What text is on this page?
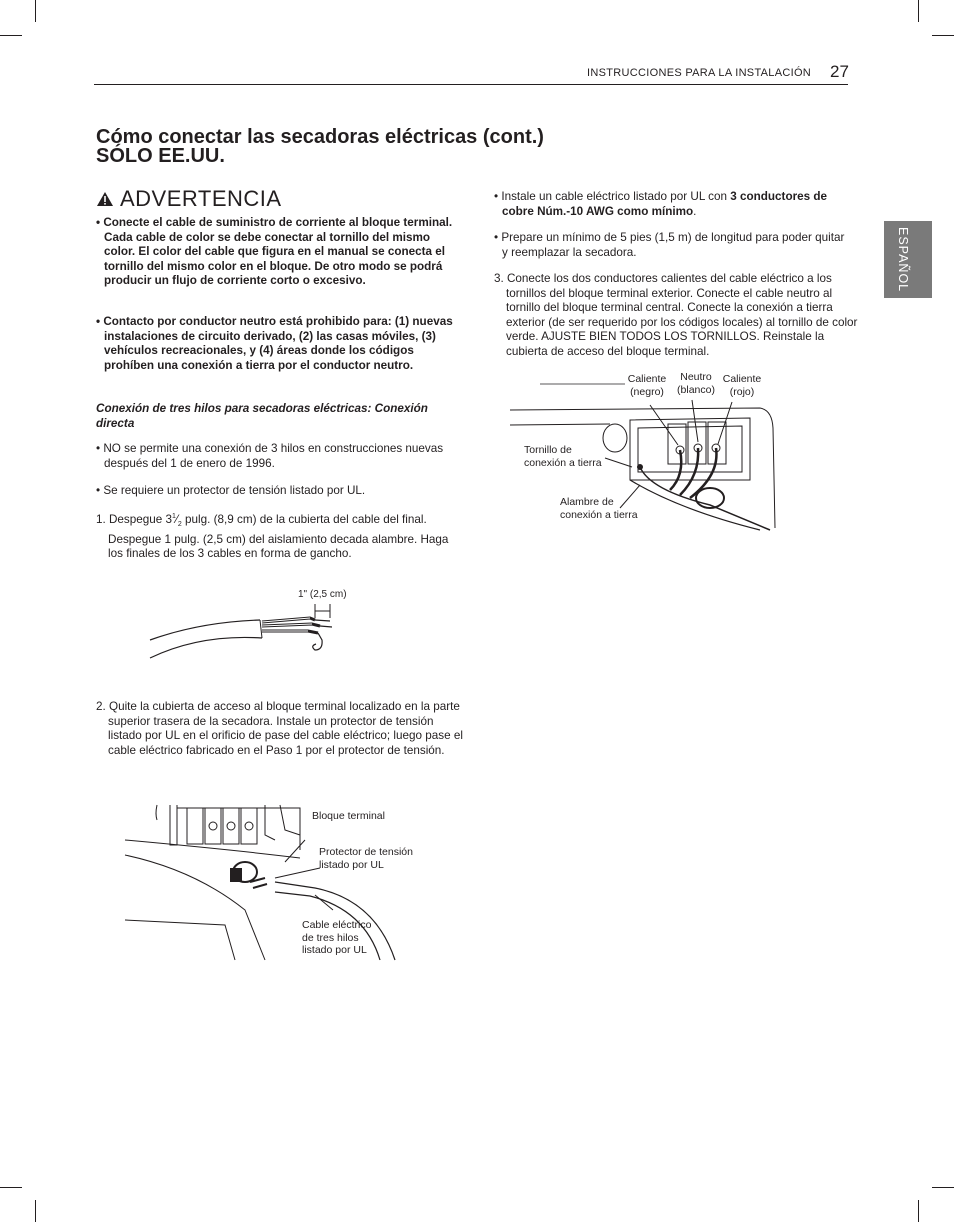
INSTRUCCIONES PARA LA INSTALACIÓN 27
ESPAÑOL
Cómo conectar las secadoras eléctricas (cont.)
SÓLO EE.UU.
ADVERTENCIA
• Conecte el cable de suministro de corriente al bloque terminal. Cada cable de color se debe conectar al tornillo del mismo color. El color del cable que figura en el manual se conecta el tornillo del mismo color en el bloque. De otro modo se podrá producir un flujo de corriente corto o excesivo.
• Contacto por conductor neutro está prohibido para: (1) nuevas instalaciones de circuito derivado, (2) las casas móviles, (3) vehículos recreacionales, y (4) áreas donde los códigos prohíben una conexión a tierra por el conductor neutro.
Conexión de tres hilos para secadoras eléctricas: Conexión directa
• NO se permite una conexión de 3 hilos en construcciones nuevas después del 1 de enero de 1996.
• Se requiere un protector de tensión listado por UL.
1. Despegue $3^1⁄_2$ pulg. (8,9 cm) de la cubierta del cable del final. Despegue 1 pulg. (2,5 cm) del aislamiento decada alambre. Haga los finales de los 3 cables en forma de gancho.
1" (2,5 cm)
2. Quite la cubierta de acceso al bloque terminal localizado en la parte superior trasera de la secadora. Instale un protector de tensión listado por UL en el orificio de pase del cable eléctrico; luego pase el cable eléctrico fabricado en el Paso 1 por el protector de tensión.
Bloque terminal
Protector de tensión listado por UL
Cable eléctrico de tres hilos listado por UL
• Instale un cable eléctrico listado por UL con 3 conductores de cobre Núm.-10 AWG como mínimo.
• Prepare un mínimo de 5 pies (1,5 m) de longitud para poder quitar y reemplazar la secadora.
3. Conecte los dos conductores calientes del cable eléctrico a los tornillos del bloque terminal exterior. Conecte el cable neutro al tornillo del bloque terminal central. Conecte la conexión a tierra exterior (de ser requerido por los códigos locales) al tornillo de color verde. AJUSTE BIEN TODOS LOS TORNILLOS. Reinstale la cubierta de acceso del bloque terminal.
Caliente (negro)
Neutro (blanco)
Caliente (rojo)
Tornillo de conexión a tierra
Alambre de conexión a tierra
